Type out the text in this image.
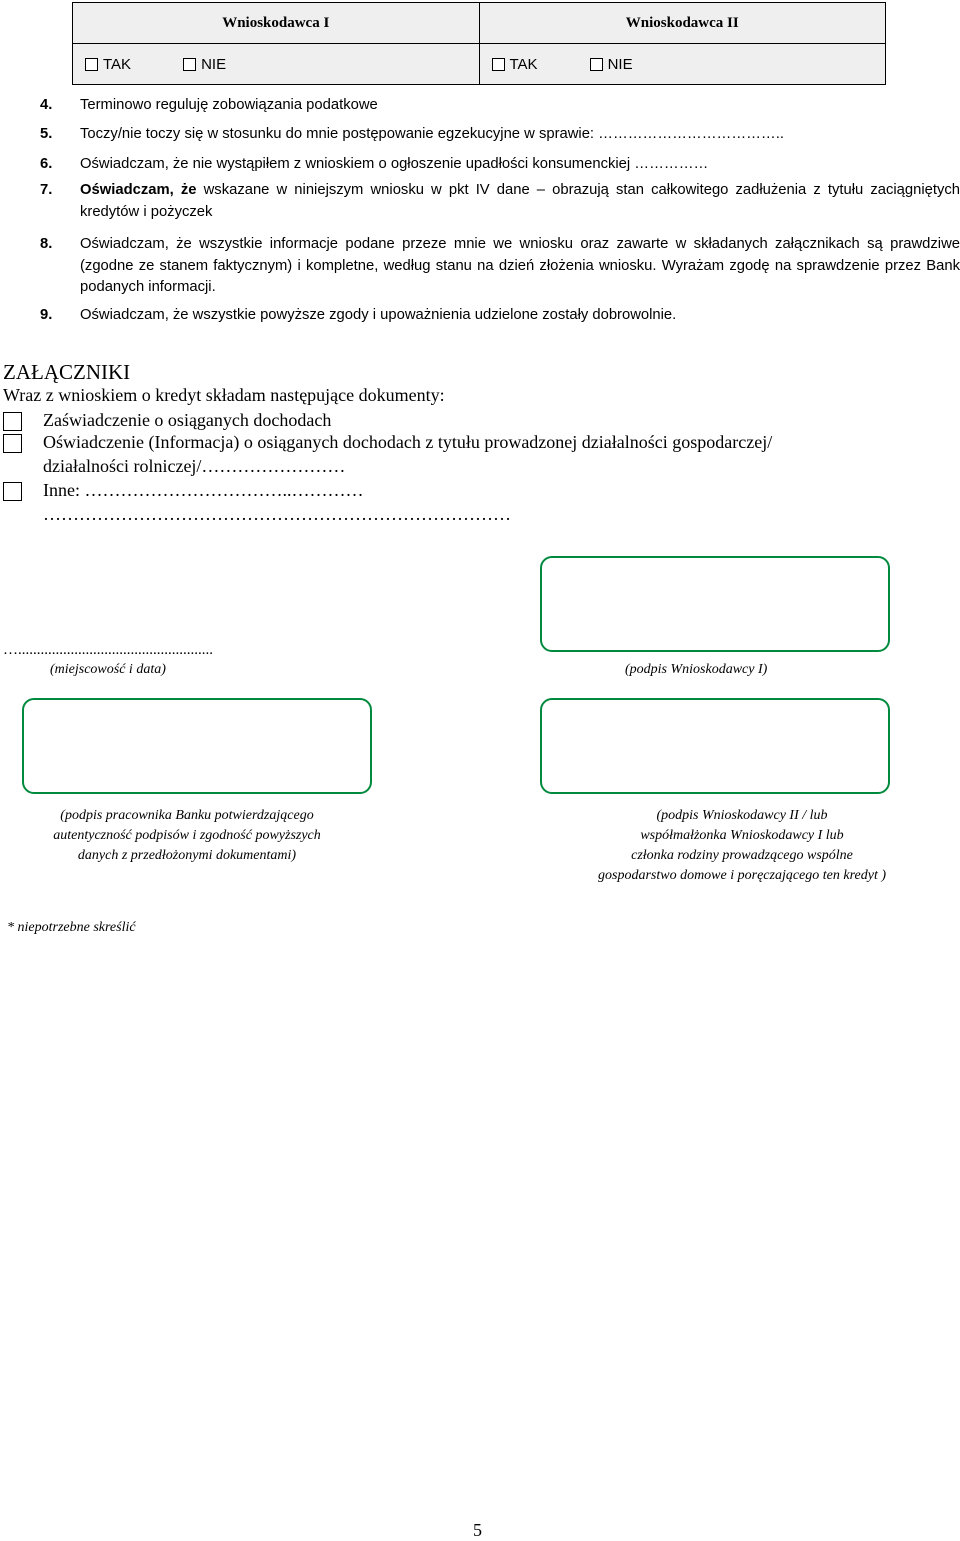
Wnioskodawca I	Wnioskodawca II

TAK NIE	TAK NIE
4.	Terminowo reguluję zobowiązania podatkowe
5.	Toczy/nie toczy się w stosunku do mnie postępowanie egzekucyjne w sprawie: ………………………………..
6.	Oświadczam, że nie wystąpiłem z wnioskiem o ogłoszenie upadłości konsumenckiej ……………
7.	Oświadczam, że wskazane w niniejszym wniosku w pkt IV dane – obrazują stan całkowitego zadłużenia z tytułu zaciągniętych kredytów i pożyczek
8.	Oświadczam, że wszystkie informacje podane przeze mnie we wniosku oraz zawarte w składanych załącznikach są prawdziwe (zgodne ze stanem faktycznym) i kompletne, według stanu na dzień złożenia wniosku. Wyrażam zgodę na sprawdzenie przez Bank podanych informacji.
9.	Oświadczam, że wszystkie powyższe zgody i upoważnienia udzielone zostały dobrowolnie.
ZAŁĄCZNIKI
Wraz z wnioskiem o kredyt składam następujące dokumenty:
Zaświadczenie o osiąganych dochodach
Oświadczenie (Informacja) o osiąganych dochodach z tytułu prowadzonej działalności gospodarczej/
działalności rolniczej/……………………
Inne: ……………………………..…………
……………………………………………………………………
…....................................................
(miejscowość i data)	(podpis Wnioskodawcy I)
(podpis pracownika Banku potwierdzającego
autentyczność podpisów i zgodność powyższych
danych z przedłożonymi dokumentami)
(podpis Wnioskodawcy II / lub
współmałżonka Wnioskodawcy I lub
członka rodziny prowadzącego wspólne
gospodarstwo domowe i poręczającego ten kredyt )
* niepotrzebne skreślić
5
